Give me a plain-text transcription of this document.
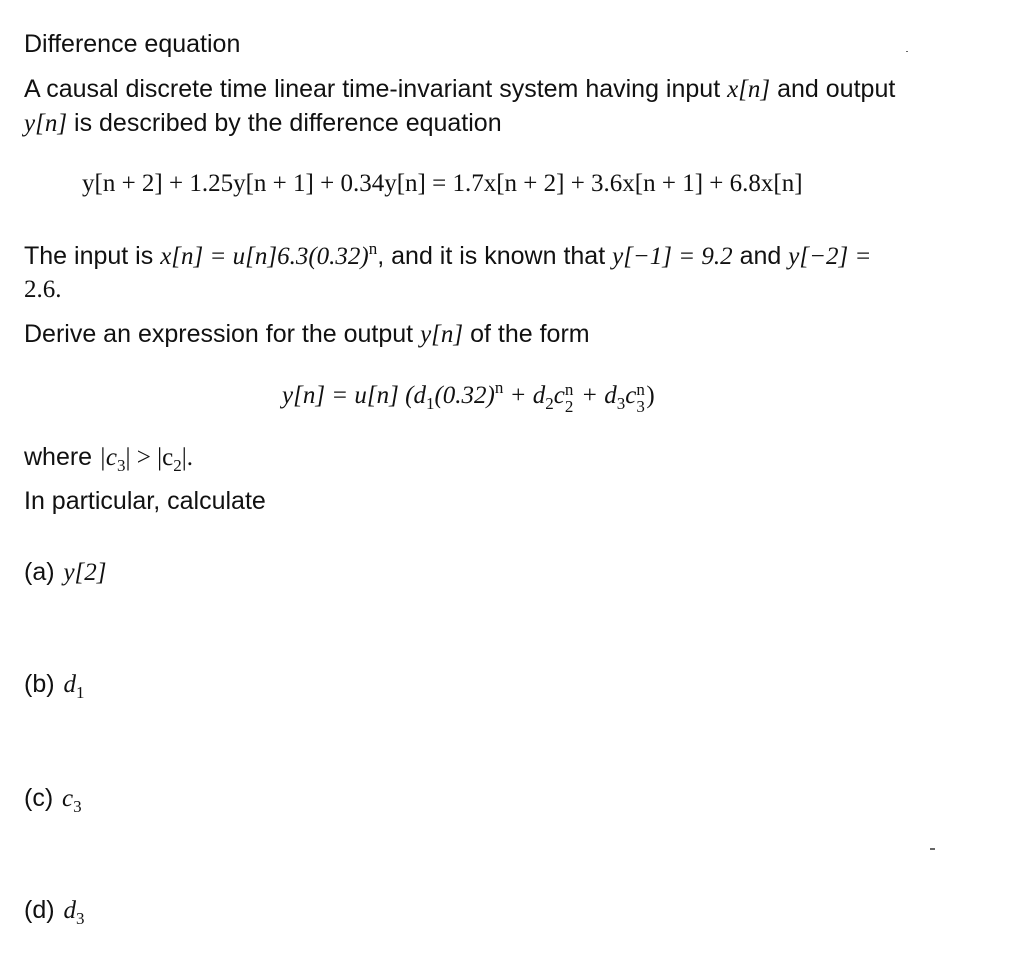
Difference equation
A causal discrete time linear time-invariant system having input x[n] and output
y[n] is described by the difference equation
y[n + 2] + 1.25y[n + 1] + 0.34y[n] = 1.7x[n + 2] + 3.6x[n + 1] + 6.8x[n]
The input is $x[n] = u[n]6.3(0.32)^n$, and it is known that y[−1] = 9.2 and y[−2] =
2.6.
Derive an expression for the output y[n] of the form
y[n] = u[n] ($d_1(0.32)^n + d_2c$ n
$2 + d_3c$ n
3 )
where $|c_3| > |c_2|$.
In particular, calculate
(a) y[2]
(b) $d_1$
(c) $c_3$
(d) $d_3$
